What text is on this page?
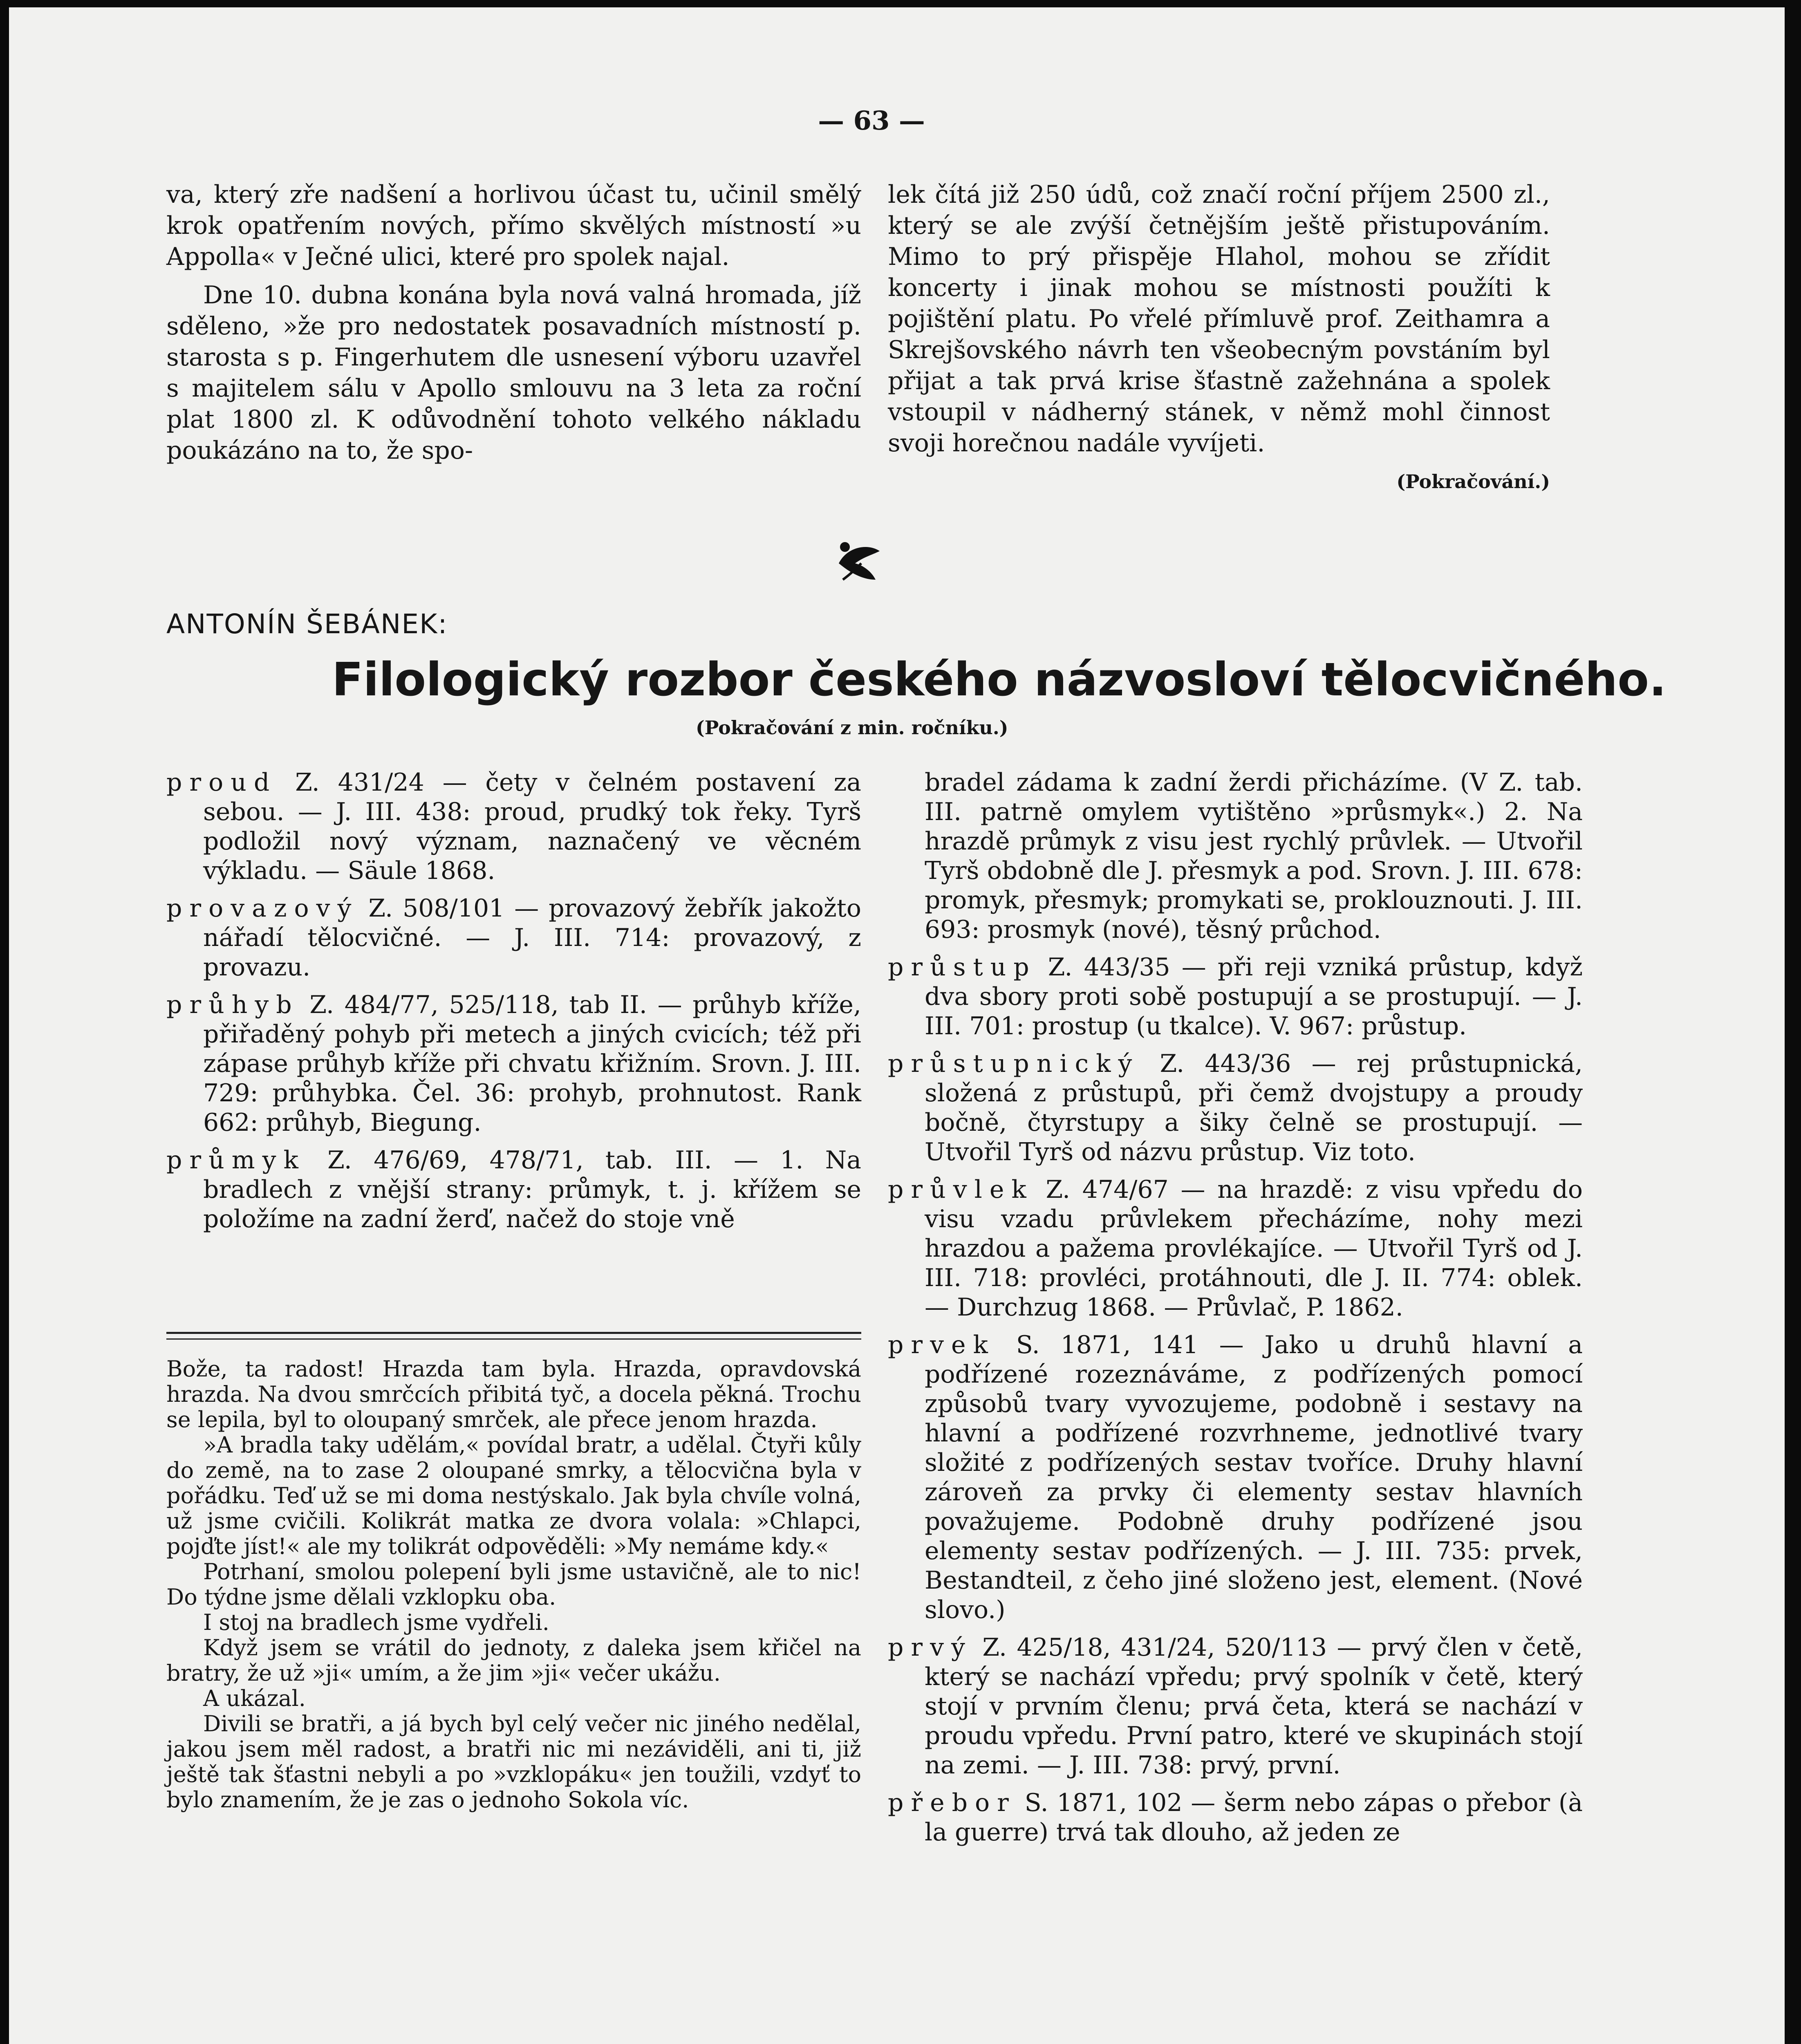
— 63 —

va, který zře nadšení a horlivou účast tu, učinil smělý krok opatřením nových, přímo skvělých místností »u Appolla« v Ječné ulici, které pro spolek najal.

Dne 10. dubna konána byla nová valná hromada, jíž sděleno, »že pro nedostatek posavadních místností p. starosta s p. Fingerhutem dle usnesení výboru uzavřel s majitelem sálu v Apollo smlouvu na 3 leta za roční plat 1800 zl. K odůvodnění tohoto velkého nákladu poukázáno na to, že spo-

lek čítá již 250 údů, což značí roční příjem 2500 zl., který se ale zvýší četnějším ještě přistupováním. Mimo to prý přispěje Hlahol, mohou se zřídit koncerty i jinak mohou se místnosti použíti k pojištění platu. Po vřelé přímluvě prof. Zeithamra a Skrejšovského návrh ten všeobecným povstáním byl přijat a tak prvá krise šťastně zažehnána a spolek vstoupil v nádherný stánek, v němž mohl činnost svoji horečnou nadále vyvíjeti.

(Pokračování.)
ANTONÍN ŠEBÁNEK:
Filologický rozbor českého názvosloví tělocvičného.
(Pokračování z min. ročníku.)

proud Z. 431/24 — čety v čelném postavení za sebou. — J. III. 438: proud, prudký tok řeky. Tyrš podložil nový význam, naznačený ve věcném výkladu. — Säule 1868.

provazový Z. 508/101 — provazový žebřík jakožto nářadí tělocvičné. — J. III. 714: provazový, z provazu.

průhyb Z. 484/77, 525/118, tab II. — průhyb kříže, přiřaděný pohyb při metech a jiných cvicích; též při zápase průhyb kříže při chvatu křižním. Srovn. J. III. 729: průhybka. Čel. 36: prohyb, prohnutost. Rank 662: průhyb, Biegung.

průmyk Z. 476/69, 478/71, tab. III. — 1. Na bradlech z vnější strany: průmyk, t. j. křížem se položíme na zadní žerď, načež do stoje vně

Bože, ta radost! Hrazda tam byla. Hrazda, opravdovská hrazda. Na dvou smrčcích přibitá tyč, a docela pěkná. Trochu se lepila, byl to oloupaný smrček, ale přece jenom hrazda.

»A bradla taky udělám,« povídal bratr, a udělal. Čtyři kůly do země, na to zase 2 oloupané smrky, a tělocvična byla v pořádku. Teď už se mi doma nestýskalo. Jak byla chvíle volná, už jsme cvičili. Kolikrát matka ze dvora volala: »Chlapci, pojďte jíst!« ale my tolikrát odpověděli: »My nemáme kdy.«

Potrhaní, smolou polepení byli jsme ustavičně, ale to nic! Do týdne jsme dělali vzklopku oba.

I stoj na bradlech jsme vydřeli.

Když jsem se vrátil do jednoty, z daleka jsem křičel na bratry, že už »ji« umím, a že jim »ji« večer ukážu.

A ukázal.

Divili se bratři, a já bych byl celý večer nic jiného nedělal, jakou jsem měl radost, a bratři nic mi nezáviděli, ani ti, již ještě tak šťastni nebyli a po »vzklopáku« jen toužili, vzdyť to bylo znamením, že je zas o jednoho Sokola víc.

bradel zádama k zadní žerdi přicházíme. (V Z. tab. III. patrně omylem vytištěno »průsmyk«.) 2. Na hrazdě průmyk z visu jest rychlý průvlek. — Utvořil Tyrš obdobně dle J. přesmyk a pod. Srovn. J. III. 678: promyk, přesmyk; promykati se, proklouznouti. J. III. 693: prosmyk (nové), těsný průchod.

průstup Z. 443/35 — při reji vzniká průstup, když dva sbory proti sobě postupují a se prostupují. — J. III. 701: prostup (u tkalce). V. 967: průstup.

průstupnický Z. 443/36 — rej průstupnická, složená z průstupů, při čemž dvojstupy a proudy bočně, čtyrstupy a šiky čelně se prostupují. — Utvořil Tyrš od názvu průstup. Viz toto.

průvlek Z. 474/67 — na hrazdě: z visu vpředu do visu vzadu průvlekem přecházíme, nohy mezi hrazdou a pažema provlékajíce. — Utvořil Tyrš od J. III. 718: provléci, protáhnouti, dle J. II. 774: oblek. — Durchzug 1868. — Průvlač, P. 1862.

prvek S. 1871, 141 — Jako u druhů hlavní a podřízené rozeznáváme, z podřízených pomocí způsobů tvary vyvozujeme, podobně i sestavy na hlavní a podřízené rozvrhneme, jednotlivé tvary složité z podřízených sestav tvoříce. Druhy hlavní zároveň za prvky či elementy sestav hlavních považujeme. Podobně druhy podřízené jsou elementy sestav podřízených. — J. III. 735: prvek, Bestandteil, z čeho jiné složeno jest, element. (Nové slovo.)

prvý Z. 425/18, 431/24, 520/113 — prvý člen v četě, který se nachází vpředu; prvý spolník v četě, který stojí v prvním členu; prvá četa, která se nachází v proudu vpředu. První patro, které ve skupinách stojí na zemi. — J. III. 738: prvý, první.

přebor S. 1871, 102 — šerm nebo zápas o přebor (à la guerre) trvá tak dlouho, až jeden ze
